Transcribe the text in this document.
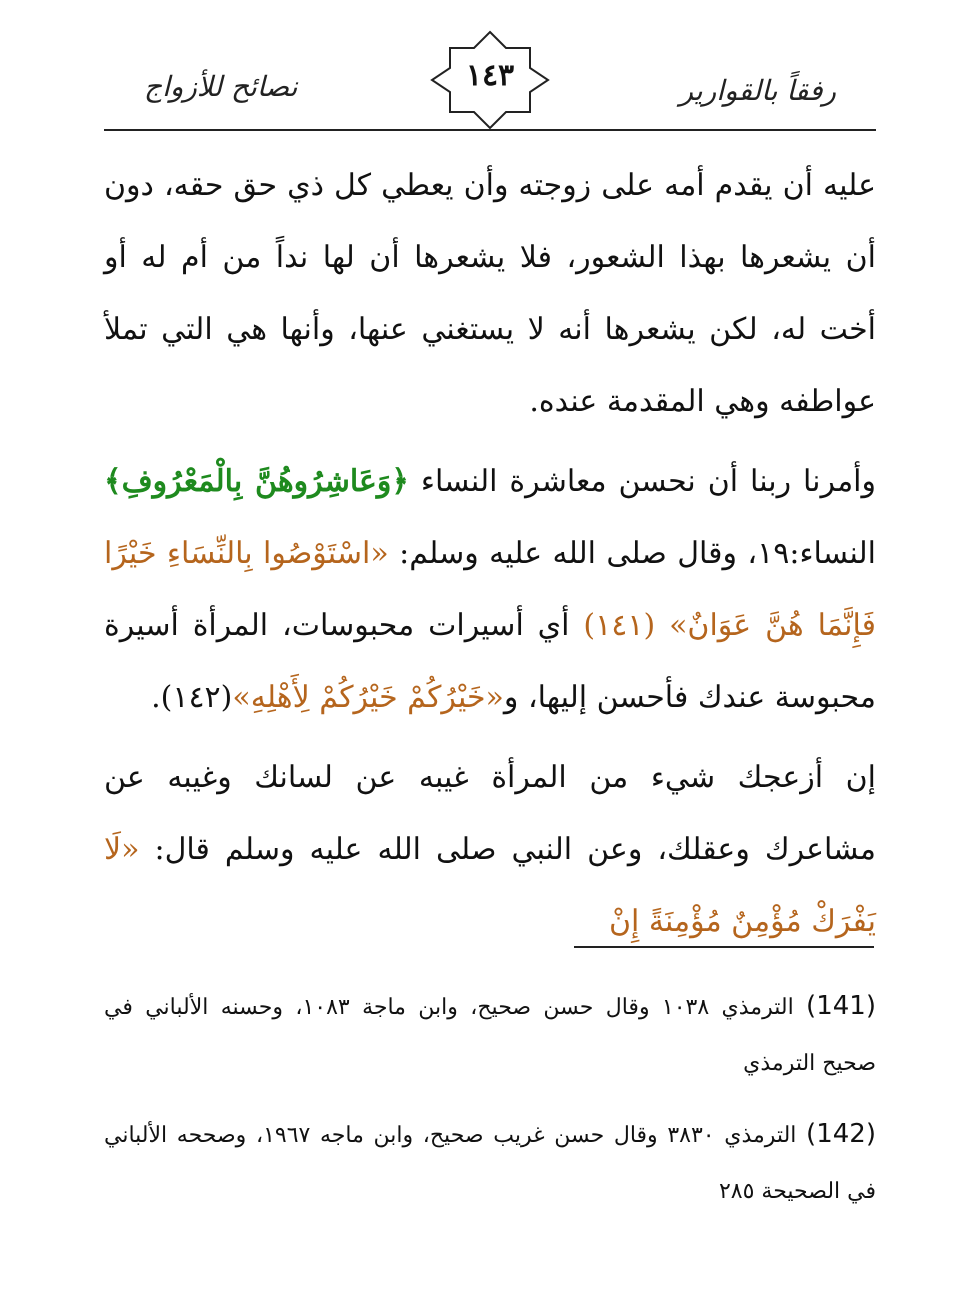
نصائح للأزواج	١٤٣	رفقاً بالقوارير

عليه أن يقدم أمه على زوجته وأن يعطي كل ذي حق حقه، دون أن يشعرها بهذا الشعور، فلا يشعرها أن لها نداً من أم له أو أخت له، لكن يشعرها أنه لا يستغني عنها، وأنها هي التي تملأ عواطفه وهي المقدمة عنده.

وأمرنا ربنا أن نحسن معاشرة النساء ﴿وَعَاشِرُوهُنَّ بِالْمَعْرُوفِ﴾ النساء:١٩، وقال صلى الله عليه وسلم: «اسْتَوْصُوا بِالنِّسَاءِ خَيْرًا فَإِنَّمَا هُنَّ عَوَانٌ» (١٤١) أي أسيرات محبوسات، المرأة أسيرة محبوسة عندك فأحسن إليها، و«خَيْرُكُمْ خَيْرُكُمْ لِأَهْلِهِ»(١٤٢).

إن أزعجك شيء من المرأة غيبه عن لسانك وغيبه عن مشاعرك وعقلك، وعن النبي صلى الله عليه وسلم قال: «لَا يَفْرَكْ مُؤْمِنٌ مُؤْمِنَةً إِنْ

(141) الترمذي ١٠٣٨ وقال حسن صحيح، وابن ماجة ١٠٨٣، وحسنه الألباني في صحيح الترمذي

(142) الترمذي ٣٨٣٠ وقال حسن غريب صحيح، وابن ماجه ١٩٦٧، وصححه الألباني في الصحيحة ٢٨٥
